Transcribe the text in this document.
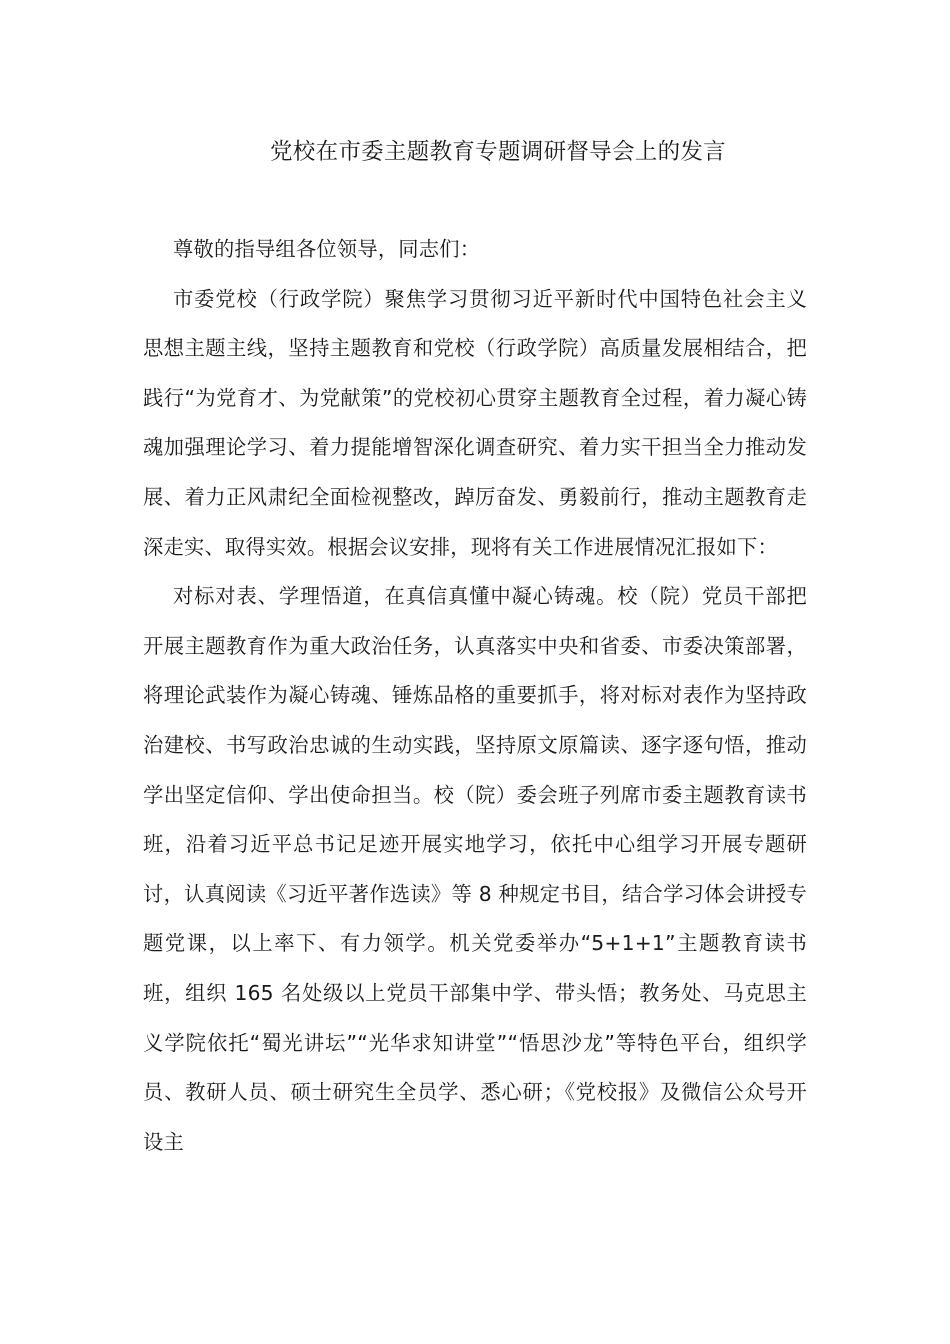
党校在市委主题教育专题调研督导会上的发言

尊敬的指导组各位领导，同志们：

市委党校（行政学院）聚焦学习贯彻习近平新时代中国特色社会主义思想主题主线，坚持主题教育和党校（行政学院）高质量发展相结合，把践行“为党育才、为党献策”的党校初心贯穿主题教育全过程，着力凝心铸魂加强理论学习、着力提能增智深化调查研究、着力实干担当全力推动发展、着力正风肃纪全面检视整改，踔厉奋发、勇毅前行，推动主题教育走深走实、取得实效。根据会议安排，现将有关工作进展情况汇报如下：

对标对表、学理悟道，在真信真懂中凝心铸魂。校（院）党员干部把开展主题教育作为重大政治任务，认真落实中央和省委、市委决策部署，将理论武装作为凝心铸魂、锤炼品格的重要抓手，将对标对表作为坚持政治建校、书写政治忠诚的生动实践，坚持原文原篇读、逐字逐句悟，推动学出坚定信仰、学出使命担当。校（院）委会班子列席市委主题教育读书班，沿着习近平总书记足迹开展实地学习，依托中心组学习开展专题研讨，认真阅读《习近平著作选读》等 8 种规定书目，结合学习体会讲授专题党课，以上率下、有力领学。机关党委举办“5+1+1”主题教育读书班，组织 165 名处级以上党员干部集中学、带头悟；教务处、马克思主义学院依托“蜀光讲坛”“光华求知讲堂”“悟思沙龙”等特色平台，组织学员、教研人员、硕士研究生全员学、悉心研；《党校报》及微信公众号开设主
